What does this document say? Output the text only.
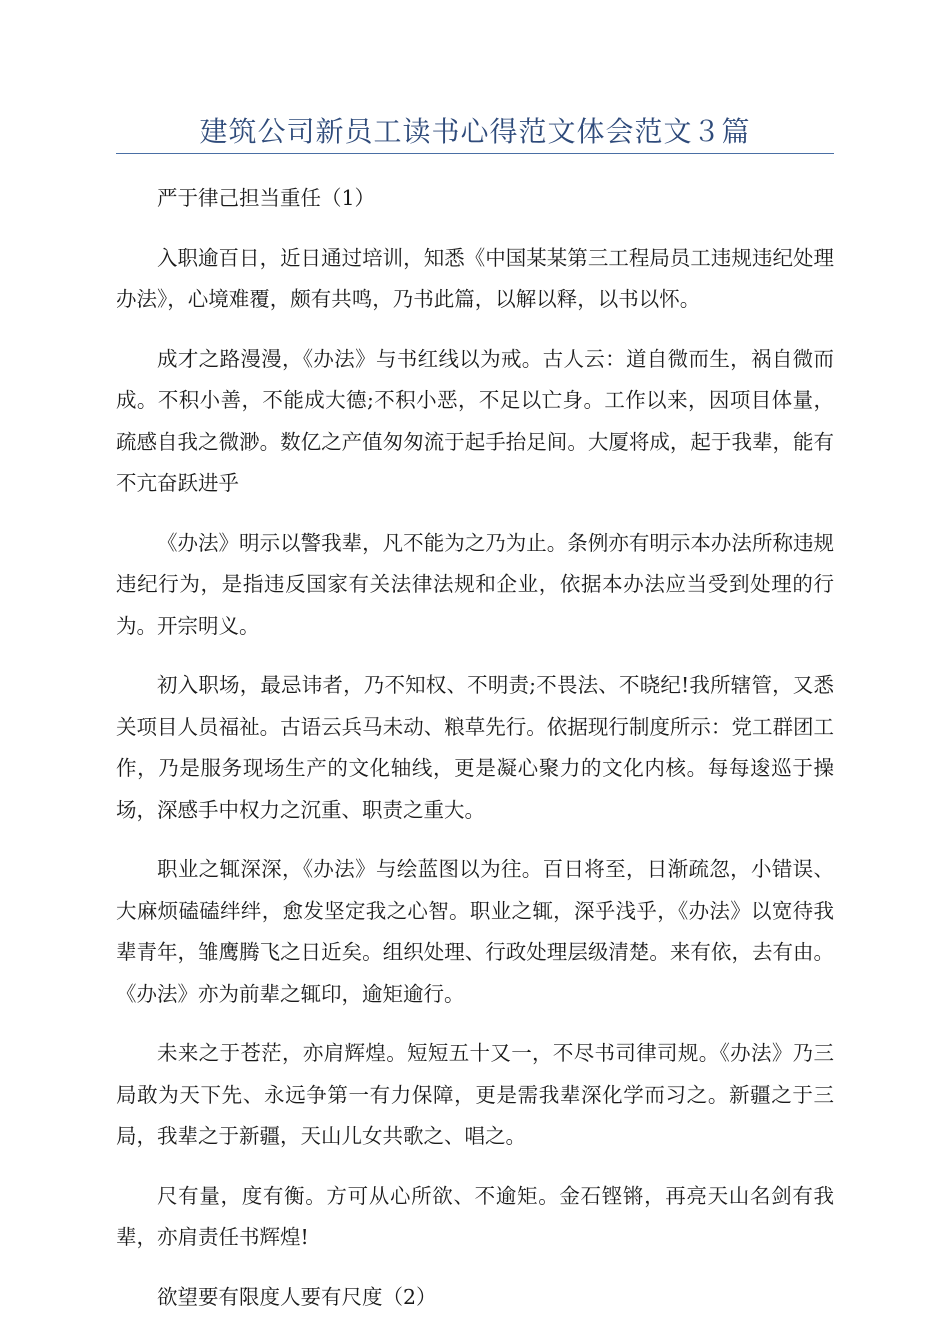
建筑公司新员工读书心得范文体会范文３篇

严于律己担当重任（1）

入职逾百日，近日通过培训，知悉《中国某某第三工程局员工违规违纪处理办法》，心境难覆，颇有共鸣，乃书此篇，以解以释，以书以怀。

成才之路漫漫，《办法》与书红线以为戒。古人云：道自微而生，祸自微而成。不积小善，不能成大德;不积小恶，不足以亡身。工作以来，因项目体量，疏感自我之微渺。数亿之产值匆匆流于起手抬足间。大厦将成，起于我辈，能有不亢奋跃进乎

《办法》明示以警我辈，凡不能为之乃为止。条例亦有明示本办法所称违规违纪行为，是指违反国家有关法律法规和企业，依据本办法应当受到处理的行为。开宗明义。

初入职场，最忌讳者，乃不知权、不明责;不畏法、不晓纪!我所辖管，又悉关项目人员福祉。古语云兵马未动、粮草先行。依据现行制度所示：党工群团工作，乃是服务现场生产的文化轴线，更是凝心聚力的文化内核。每每逡巡于操场，深感手中权力之沉重、职责之重大。

职业之辄深深，《办法》与绘蓝图以为往。百日将至，日渐疏忽，小错误、大麻烦磕磕绊绊，愈发坚定我之心智。职业之辄，深乎浅乎，《办法》以宽待我辈青年，雏鹰腾飞之日近矣。组织处理、行政处理层级清楚。来有依，去有由。《办法》亦为前辈之辄印，逾矩逾行。

未来之于苍茫，亦肩辉煌。短短五十又一，不尽书司律司规。《办法》乃三局敢为天下先、永远争第一有力保障，更是需我辈深化学而习之。新疆之于三局，我辈之于新疆，天山儿女共歌之、唱之。

尺有量，度有衡。方可从心所欲、不逾矩。金石铿锵，再亮天山名剑有我辈，亦肩责任书辉煌!

欲望要有限度人要有尺度（2）
